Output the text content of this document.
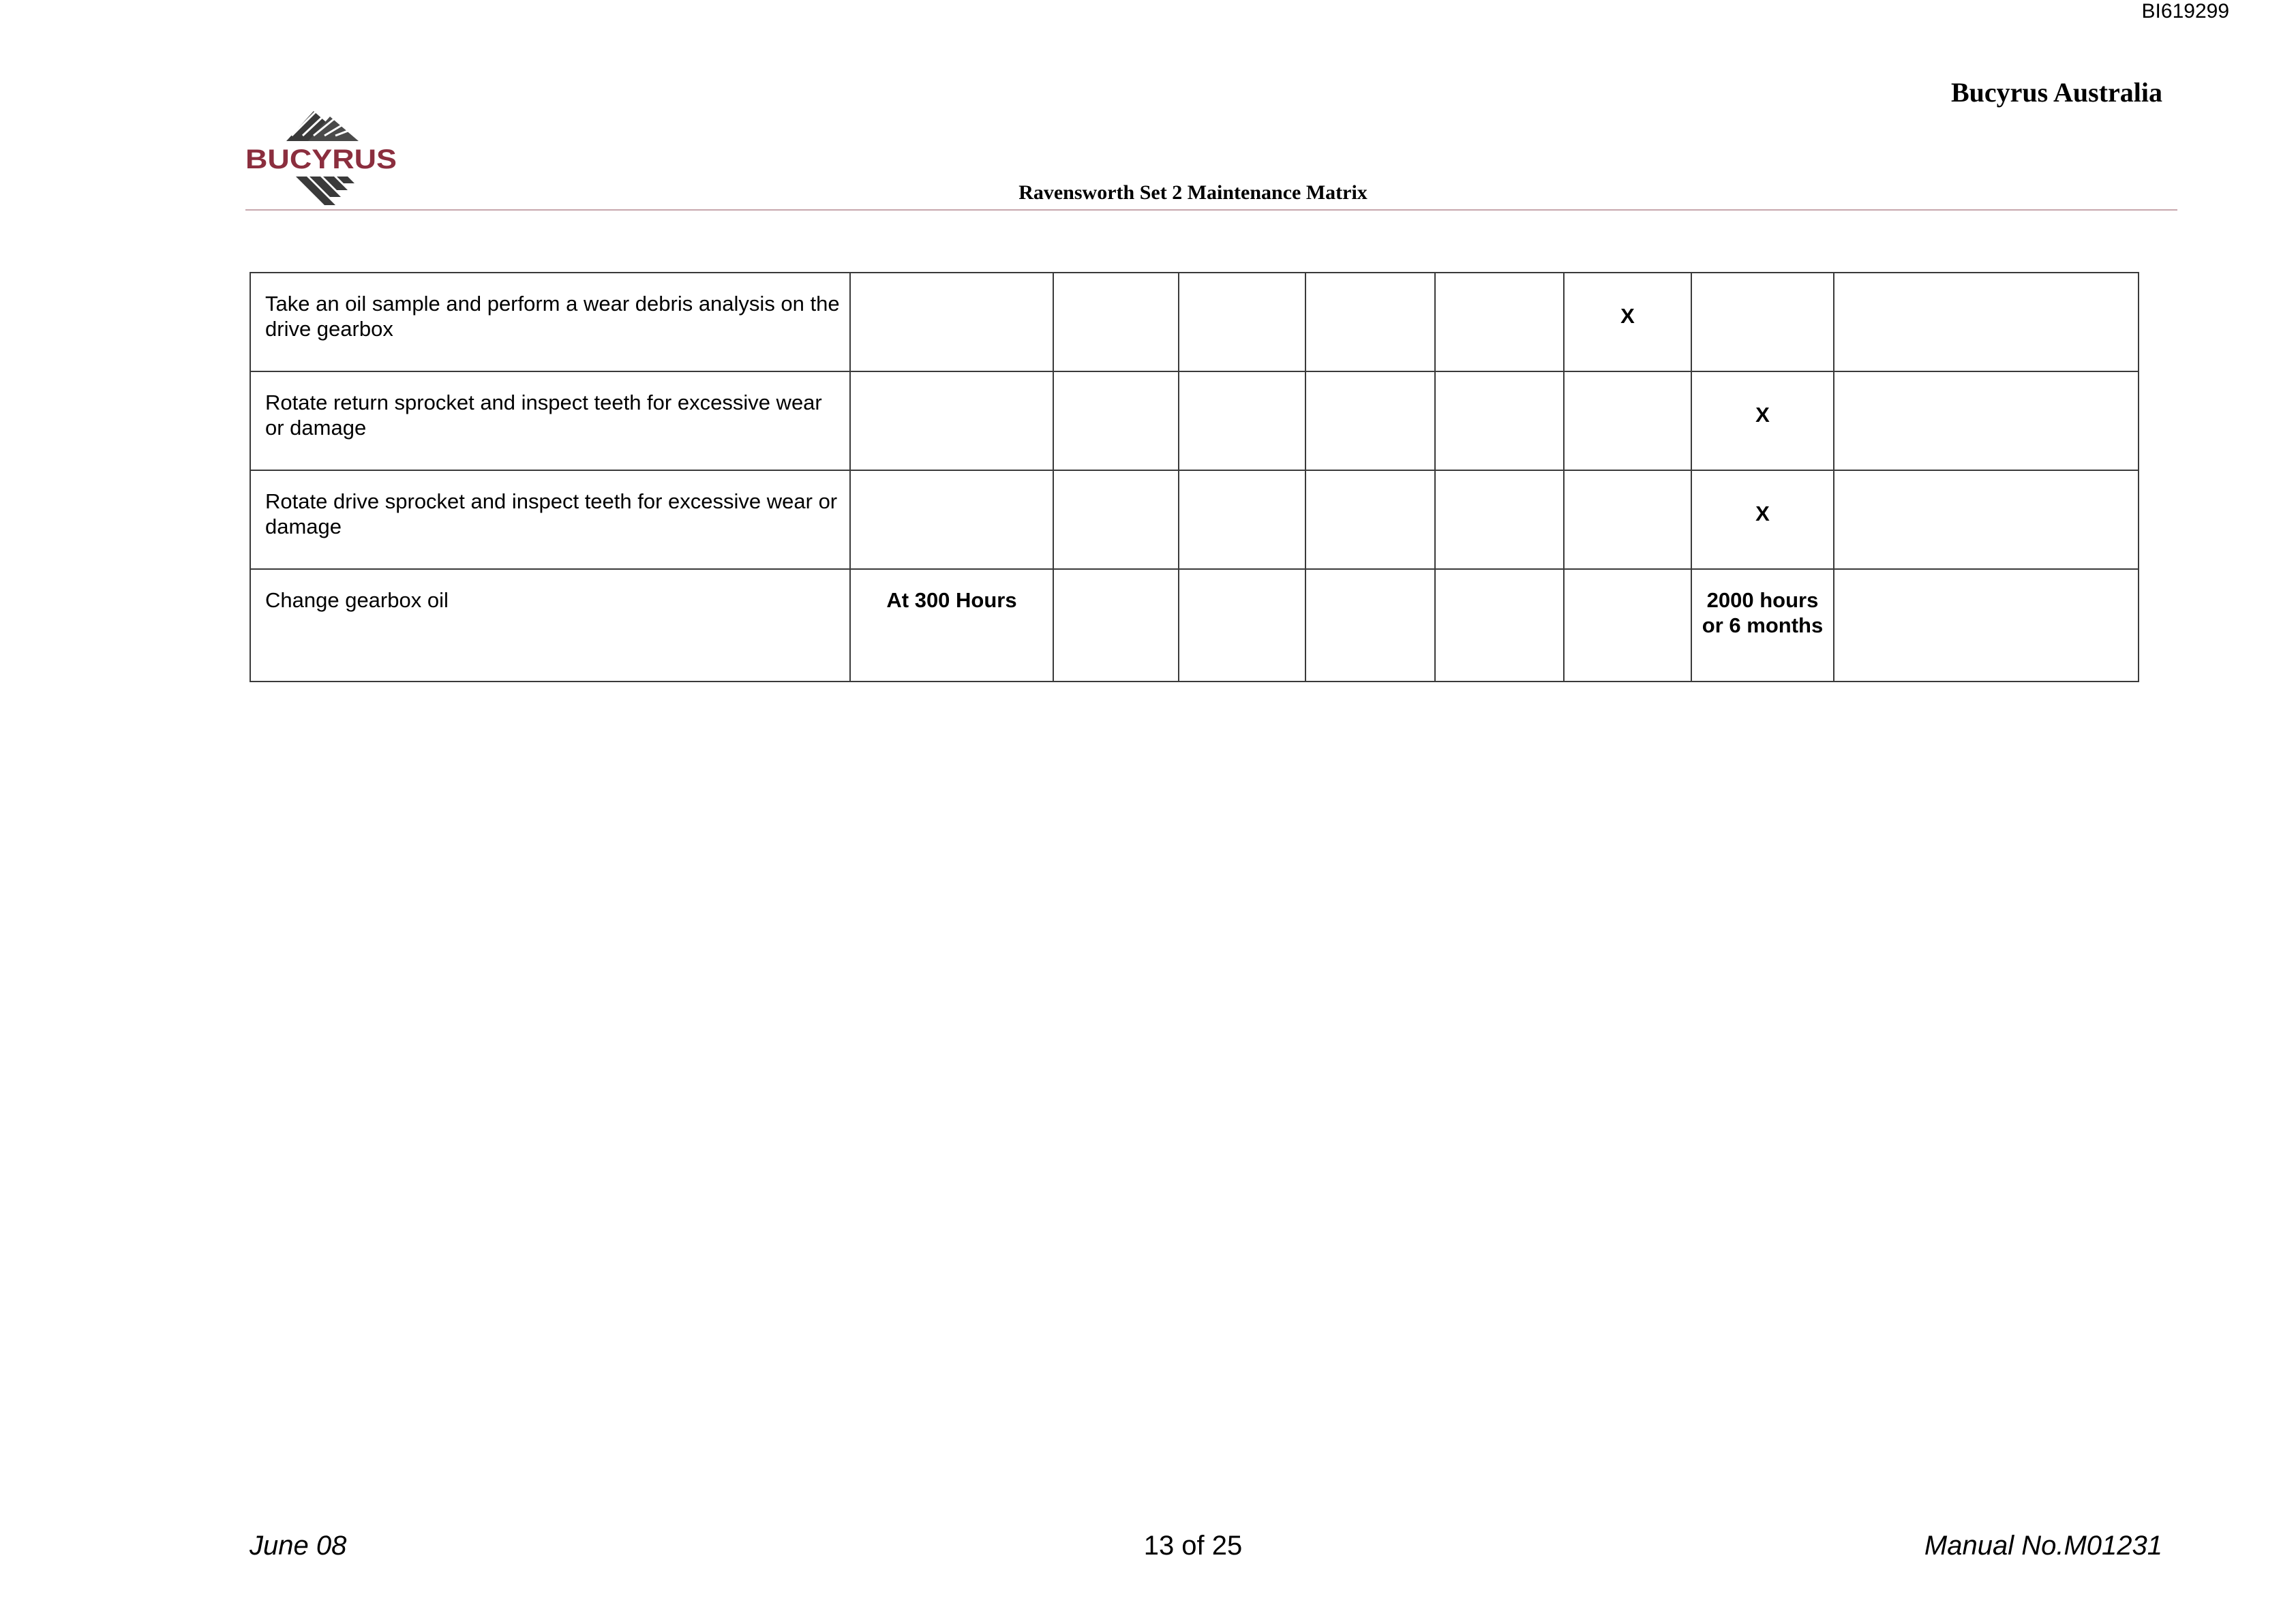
BI619299
Bucyrus Australia
BUCYRUS
Ravensworth Set 2 Maintenance Matrix
Take an oil sample and perform a wear debris analysis on the drive gearbox						X		
Rotate return sprocket and inspect teeth for excessive wear or damage							X	
Rotate drive sprocket and inspect teeth for excessive wear or damage							X	
Change gearbox oil	At 300 Hours						2000 hours or 6 months	
June 08	13 of 25	Manual No.M01231
